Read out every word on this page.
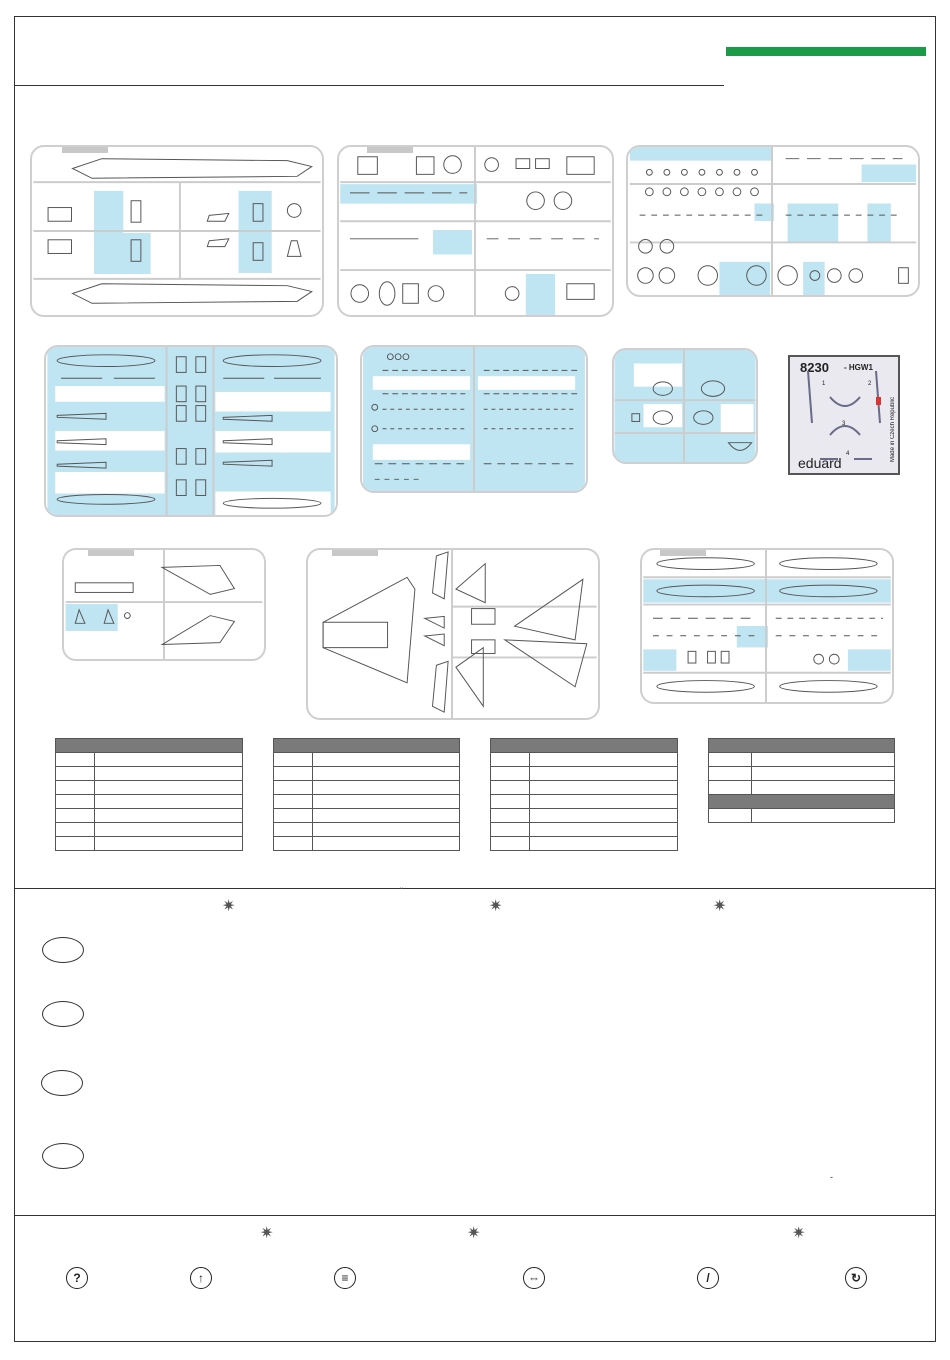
8230 - HGW1
1	2
3
4	Made in Czech Republic
eduard

ˇ
✷	✷	✷
-
✷	✷	✷
?	↑	≡	⇔	/	↻
